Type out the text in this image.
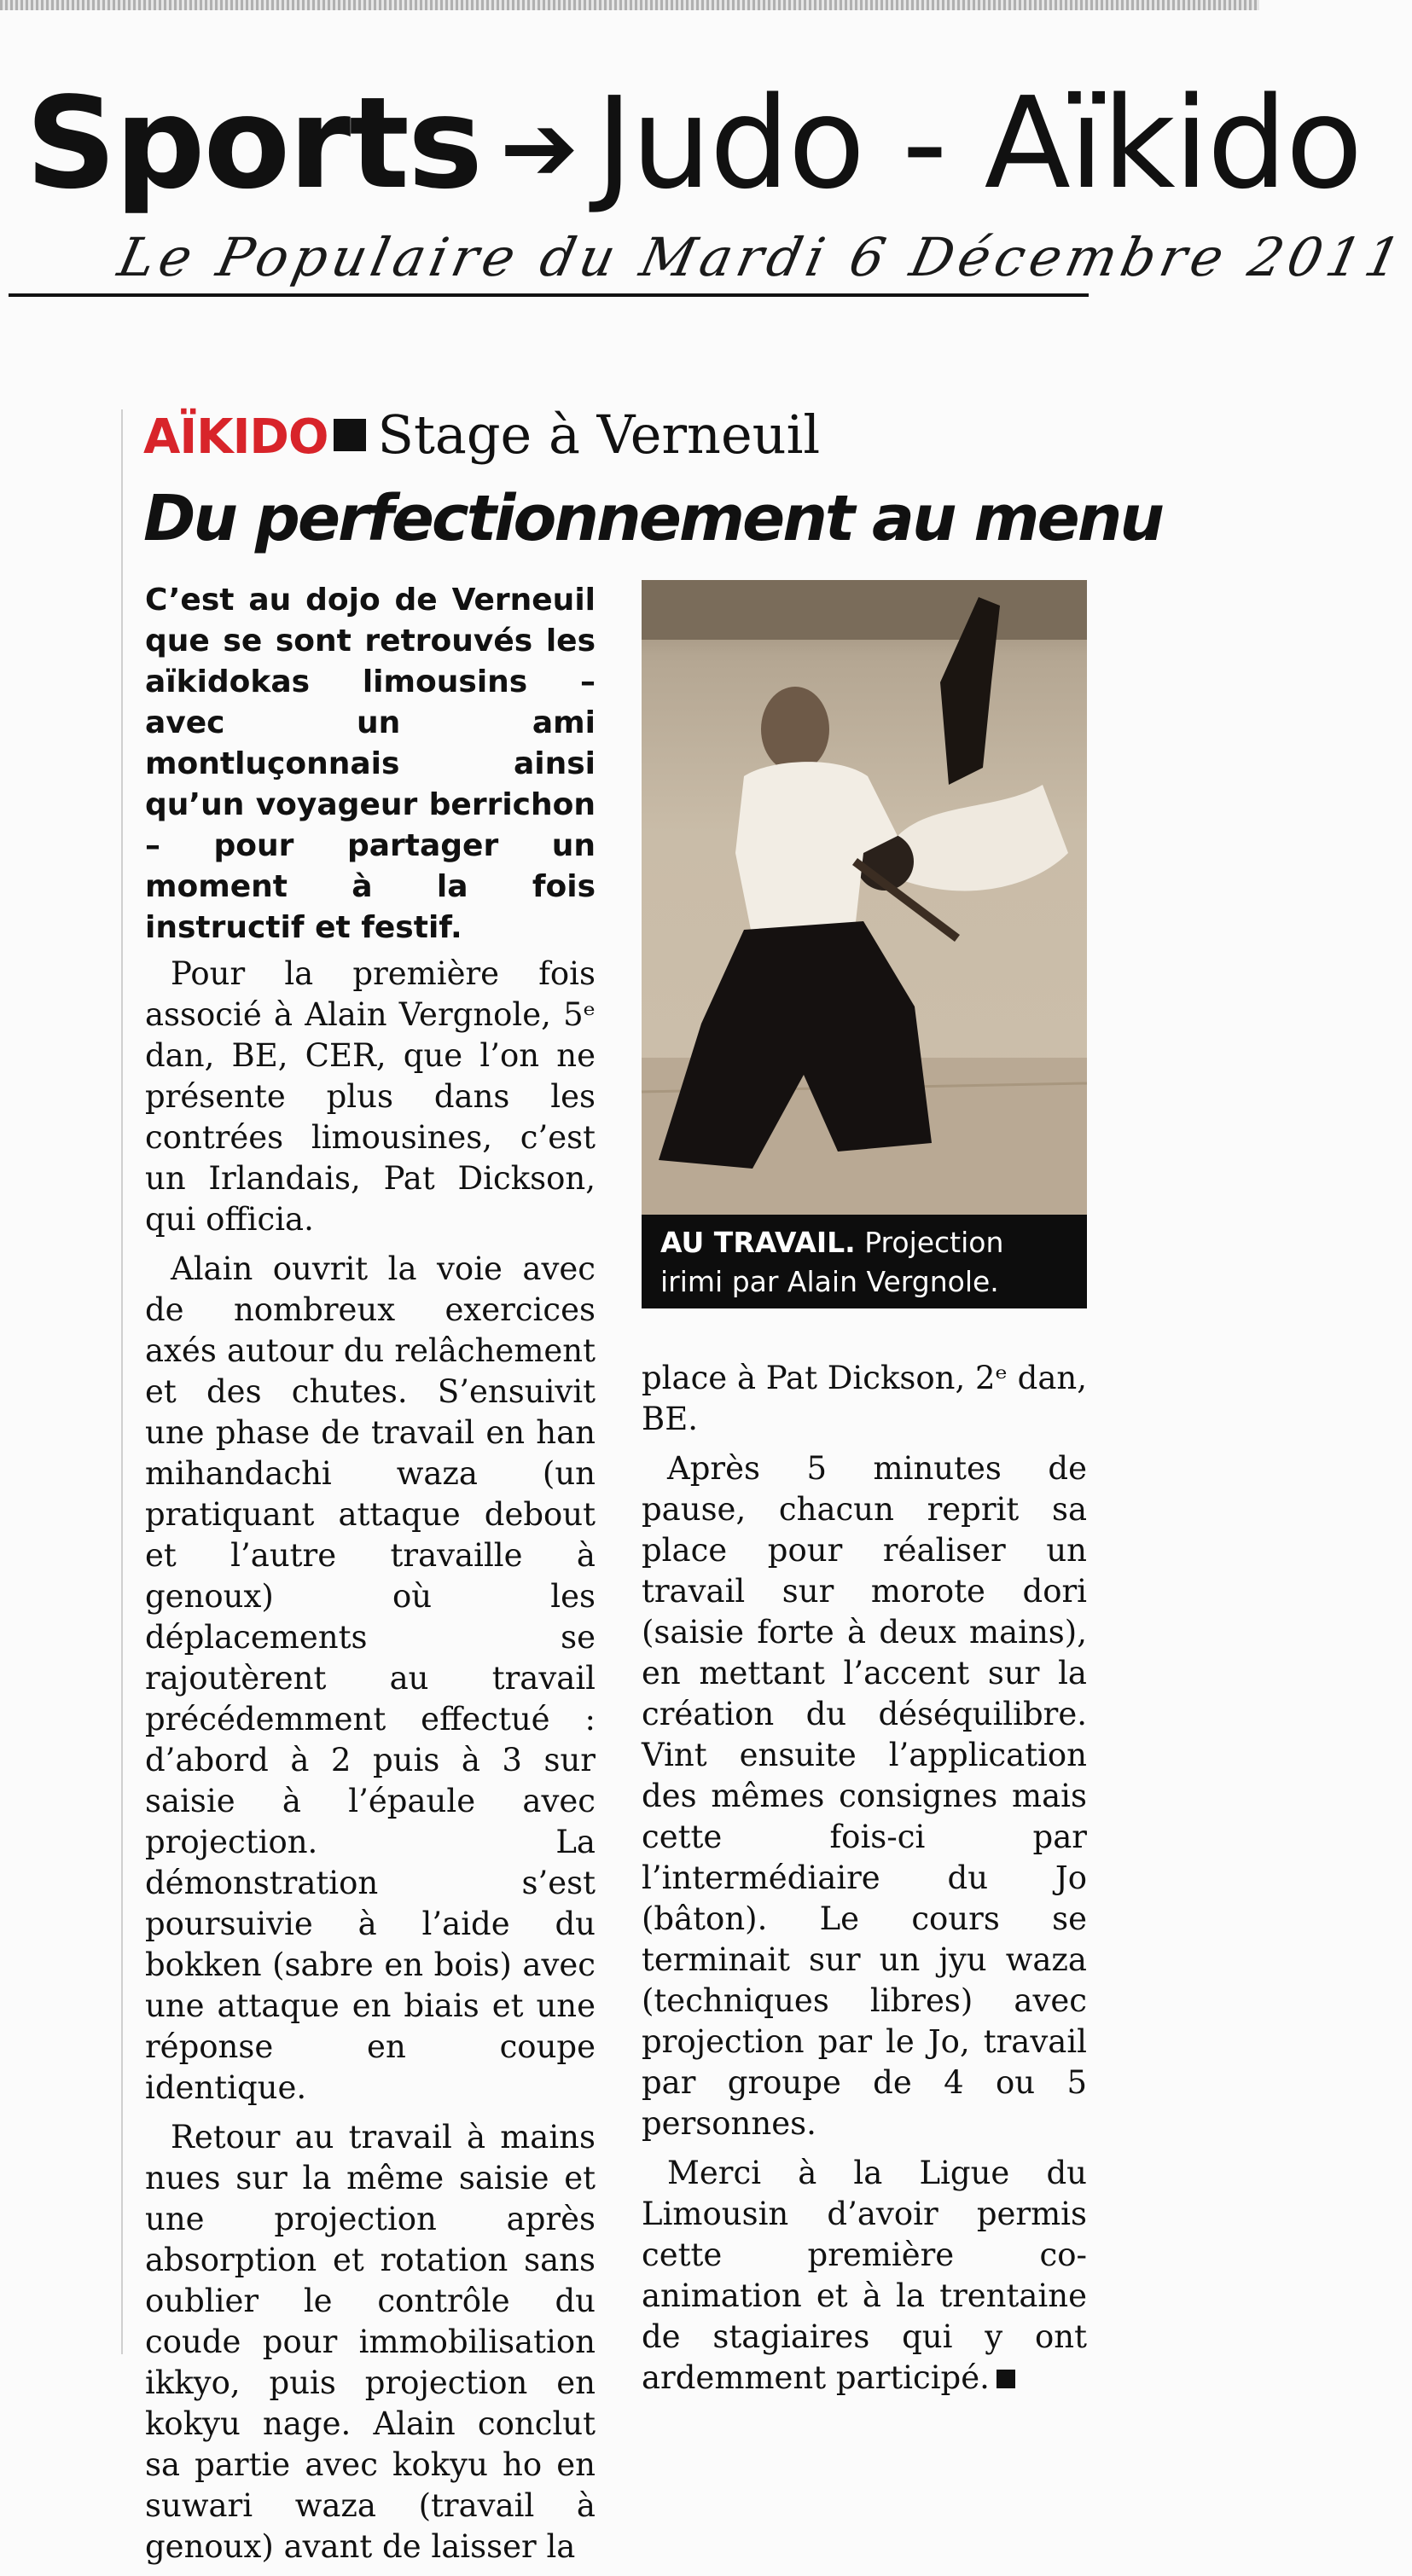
Sports ➔ Judo - Aïkido
Le Populaire du Mardi 6 Décembre 2011
AÏKIDO Stage à Verneuil
Du perfectionnement au menu

C’est au dojo de Verneuil que se sont retrouvés les aïkidokas limousins – avec un ami montluçonnais ainsi qu’un voyageur berrichon – pour partager un moment à la fois instructif et festif.

Pour la première fois associé à Alain Vergnole, 5ᵉ dan, BE, CER, que l’on ne présente plus dans les contrées limousines, c’est un Irlandais, Pat Dickson, qui officia.

Alain ouvrit la voie avec de nombreux exercices axés autour du relâchement et des chutes. S’ensuivit une phase de travail en han mihandachi waza (un pratiquant attaque debout et l’autre travaille à genoux) où les déplacements se rajoutèrent au travail précédemment effectué : d’abord à 2 puis à 3 sur saisie à l’épaule avec projection. La démonstration s’est poursuivie à l’aide du bokken (sabre en bois) avec une attaque en biais et une réponse en coupe identique.

Retour au travail à mains nues sur la même saisie et une projection après absorption et rotation sans oublier le contrôle du coude pour immobilisation ikkyo, puis projection en kokyu nage. Alain conclut sa partie avec kokyu ho en suwari waza (travail à genoux) avant de laisser la

AU TRAVAIL. Projection irimi par Alain Vergnole.

place à Pat Dickson, 2ᵉ dan, BE.

Après 5 minutes de pause, chacun reprit sa place pour réaliser un travail sur morote dori (saisie forte à deux mains), en mettant l’accent sur la création du déséquilibre. Vint ensuite l’application des mêmes consignes mais cette fois-ci par l’intermédiaire du Jo (bâton). Le cours se terminait sur un jyu waza (techniques libres) avec projection par le Jo, travail par groupe de 4 ou 5 personnes.

Merci à la Ligue du Limousin d’avoir permis cette première co-animation et à la trentaine de stagiaires qui y ont ardemment participé.
